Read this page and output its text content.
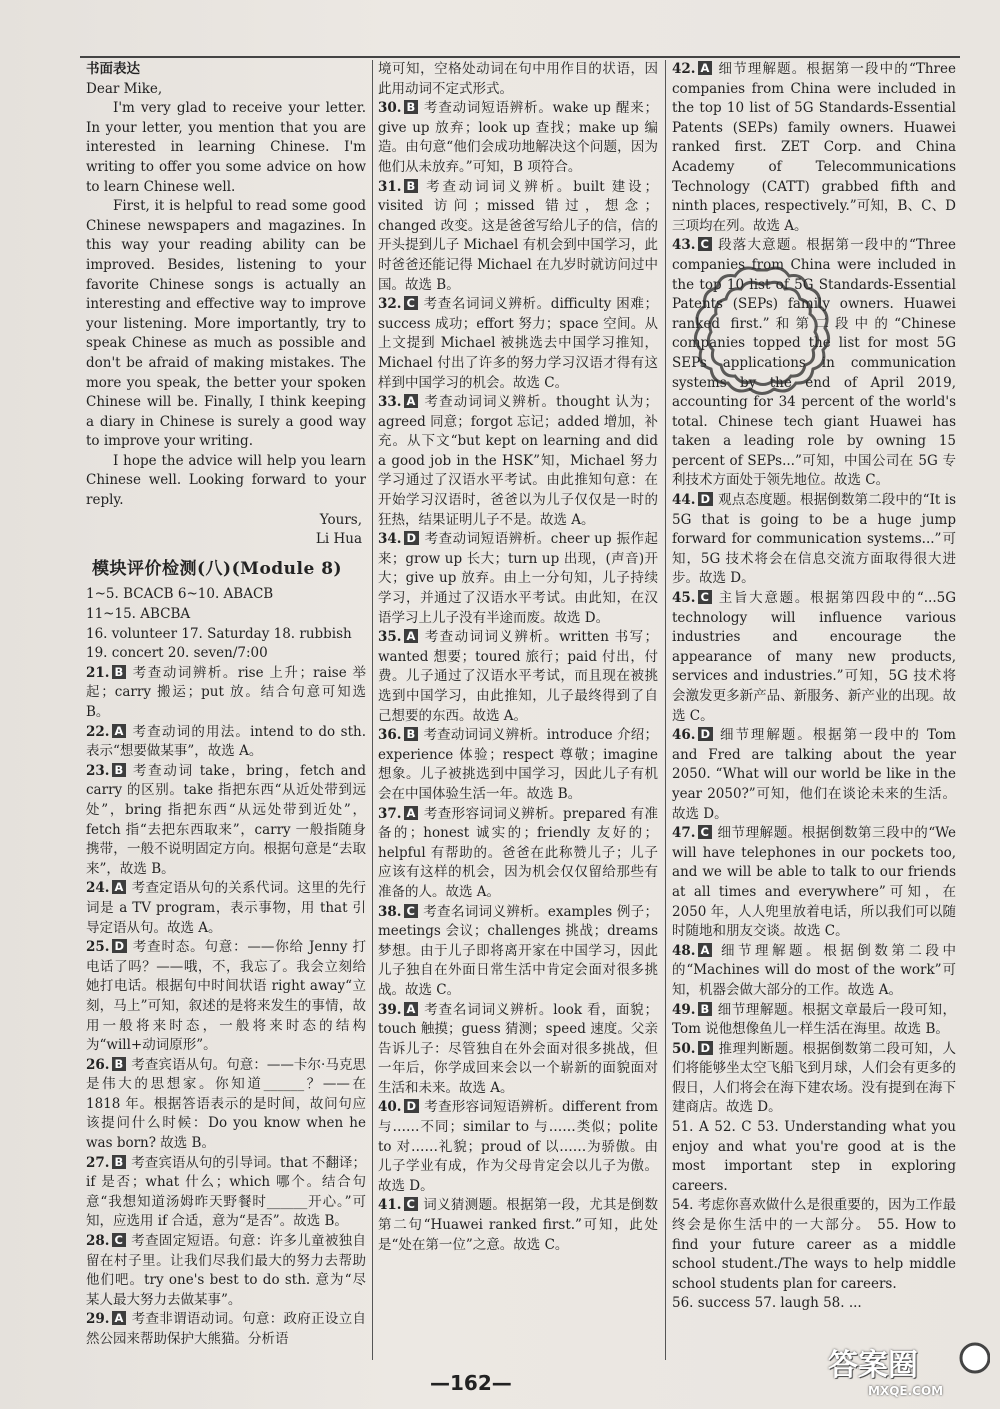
书面表达
Dear Mike,

I'm very glad to receive your letter. In your letter, you mention that you are interested in learning Chinese. I'm writing to offer you some advice on how to learn Chinese well.

First, it is helpful to read some good Chinese newspapers and magazines. In this way your reading ability can be improved. Besides, listening to your favorite Chinese songs is actually an interesting and effective way to improve your listening. More importantly, try to speak Chinese as much as possible and don't be afraid of making mistakes. The more you speak, the better your spoken Chinese will be. Finally, I think keeping a diary in Chinese is surely a good way to improve your writing.

I hope the advice will help you learn Chinese well. Looking forward to your reply.

Yours,
Li Hua
模块评价检测(八)(Module 8)

1~5. BCACB 6~10. ABACB

11~15. ABCBA

16. volunteer 17. Saturday 18. rubbish

19. concert 20. seven/7:00

21. B 考查动词辨析。rise 上升；raise 举起；carry 搬运；put 放。结合句意可知选 B。

22. A 考查动词的用法。intend to do sth. 表示“想要做某事”，故选 A。

23. B 考查动词 take，bring，fetch and carry 的区别。take 指把东西“从近处带到远处”，bring 指把东西“从远处带到近处”，fetch 指“去把东西取来”，carry 一般指随身携带，一般不说明固定方向。根据句意是“去取来”，故选 B。

24. A 考查定语从句的关系代词。这里的先行词是 a TV program，表示事物，用 that 引导定语从句。故选 A。

25. D 考查时态。句意：——你给 Jenny 打电话了吗？——哦，不，我忘了。我会立刻给她打电话。根据句中时间状语 right away“立刻，马上”可知，叙述的是将来发生的事情，故用一般将来时态，一般将来时态的结构为“will+动词原形”。

26. B 考查宾语从句。句意：——卡尔·马克思是伟大的思想家。你知道______？——在 1818 年。根据答语表示的是时间，故问句应该提问什么时候：Do you know when he was born? 故选 B。

27. B 考查宾语从句的引导词。that 不翻译；if 是否；what 什么；which 哪个。结合句意“我想知道汤姆昨天野餐时______开心。”可知，应选用 if 合适，意为“是否”。故选 B。

28. C 考查固定短语。句意：许多儿童被独自留在村子里。让我们尽我们最大的努力去帮助他们吧。try one's best to do sth. 意为“尽某人最大努力去做某事”。

29. A 考查非谓语动词。句意：政府正设立自然公园来帮助保护大熊猫。分析语

境可知，空格处动词在句中用作目的状语，因此用动词不定式形式。

30. B 考查动词短语辨析。wake up 醒来；give up 放弃；look up 查找；make up 编造。由句意“他们会成功地解决这个问题，因为他们从未放弃。”可知，B 项符合。

31. B 考查动词词义辨析。built 建设；visited 访问；missed 错过，想念；changed 改变。这是爸爸写给儿子的信，信的开头提到儿子 Michael 有机会到中国学习，此时爸爸还能记得 Michael 在九岁时就访问过中国。故选 B。

32. C 考查名词词义辨析。difficulty 困难；success 成功；effort 努力；space 空间。从上文提到 Michael 被挑选去中国学习推知，Michael 付出了许多的努力学习汉语才得有这样到中国学习的机会。故选 C。

33. A 考查动词词义辨析。thought 认为；agreed 同意；forgot 忘记；added 增加，补充。从下文“but kept on learning and did a good job in the HSK”知，Michael 努力学习通过了汉语水平考试。由此推知句意：在开始学习汉语时，爸爸以为儿子仅仅是一时的狂热，结果证明儿子不是。故选 A。

34. D 考查动词短语辨析。cheer up 振作起来；grow up 长大；turn up 出现，(声音)开大；give up 放弃。由上一分句知，儿子持续学习，并通过了汉语水平考试。由此知，在汉语学习上儿子没有半途而废。故选 D。

35. A 考查动词词义辨析。written 书写；wanted 想要；toured 旅行；paid 付出，付费。儿子通过了汉语水平考试，而且现在被挑选到中国学习，由此推知，儿子最终得到了自己想要的东西。故选 A。

36. B 考查动词词义辨析。introduce 介绍；experience 体验；respect 尊敬；imagine 想象。儿子被挑选到中国学习，因此儿子有机会在中国体验生活一年。故选 B。

37. A 考查形容词词义辨析。prepared 有准备的；honest 诚实的；friendly 友好的；helpful 有帮助的。爸爸在此称赞儿子；儿子应该有这样的机会，因为机会仅仅留给那些有准备的人。故选 A。

38. C 考查名词词义辨析。examples 例子；meetings 会议；challenges 挑战；dreams 梦想。由于儿子即将离开家在中国学习，因此儿子独自在外面日常生活中肯定会面对很多挑战。故选 C。

39. A 考查名词词义辨析。look 看，面貌；touch 触摸；guess 猜测；speed 速度。父亲告诉儿子：尽管独自在外会面对很多挑战，但一年后，你学成回来会以一个崭新的面貌面对生活和未来。故选 A。

40. D 考查形容词短语辨析。different from 与……不同；similar to 与……类似；polite to 对……礼貌；proud of 以……为骄傲。由儿子学业有成，作为父母肯定会以儿子为傲。故选 D。

41. C 词义猜测题。根据第一段，尤其是倒数第二句“Huawei ranked first.”可知，此处是“处在第一位”之意。故选 C。

42. A 细节理解题。根据第一段中的“Three companies from China were included in the top 10 list of 5G Standards-Essential Patents (SEPs) family owners. Huawei ranked first. ZET Corp. and China Academy of Telecommunications Technology (CATT) grabbed fifth and ninth places, respectively.”可知，B、C、D 三项均在列。故选 A。

43. C 段落大意题。根据第一段中的“Three companies from China were included in the top 10 list of 5G Standards-Essential Patents (SEPs) family owners. Huawei ranked first.”和第二段中的“Chinese companies topped the list for most 5G SEPs applications in communication systems by the end of April 2019, accounting for 34 percent of the world's total. Chinese tech giant Huawei has taken a leading role by owning 15 percent of SEPs...”可知，中国公司在 5G 专利技术方面处于领先地位。故选 C。

44. D 观点态度题。根据倒数第二段中的“It is 5G that is going to be a huge jump forward for communication systems...”可知，5G 技术将会在信息交流方面取得很大进步。故选 D。

45. C 主旨大意题。根据第四段中的“...5G technology will influence various industries and encourage the appearance of many new products, services and industries.”可知，5G 技术将会激发更多新产品、新服务、新产业的出现。故选 C。

46. D 细节理解题。根据第一段中的 Tom and Fred are talking about the year 2050. “What will our world be like in the year 2050?”可知，他们在谈论未来的生活。故选 D。

47. C 细节理解题。根据倒数第三段中的“We will have telephones in our pockets too, and we will be able to talk to our friends at all times and everywhere”可知，在 2050 年，人人兜里放着电话，所以我们可以随时随地和朋友交谈。故选 C。

48. A 细节理解题。根据倒数第二段中的“Machines will do most of the work”可知，机器会做大部分的工作。故选 A。

49. B 细节理解题。根据文章最后一段可知，Tom 说他想像鱼儿一样生活在海里。故选 B。

50. D 推理判断题。根据倒数第二段可知，人们将能够坐太空飞船飞到月球，人们会有更多的假日，人们将会在海下建农场。没有提到在海下建商店。故选 D。

51. A 52. C 53. Understanding what you enjoy and what you're good at is the most important step in exploring careers.

54. 考虑你喜欢做什么是很重要的，因为工作最终会是你生活中的一大部分。 55. How to find your future career as a middle school student./The ways to help middle school students plan for careers.

56. success 57. laugh 58. ...

—162—	答案圈
MXQE.COM
